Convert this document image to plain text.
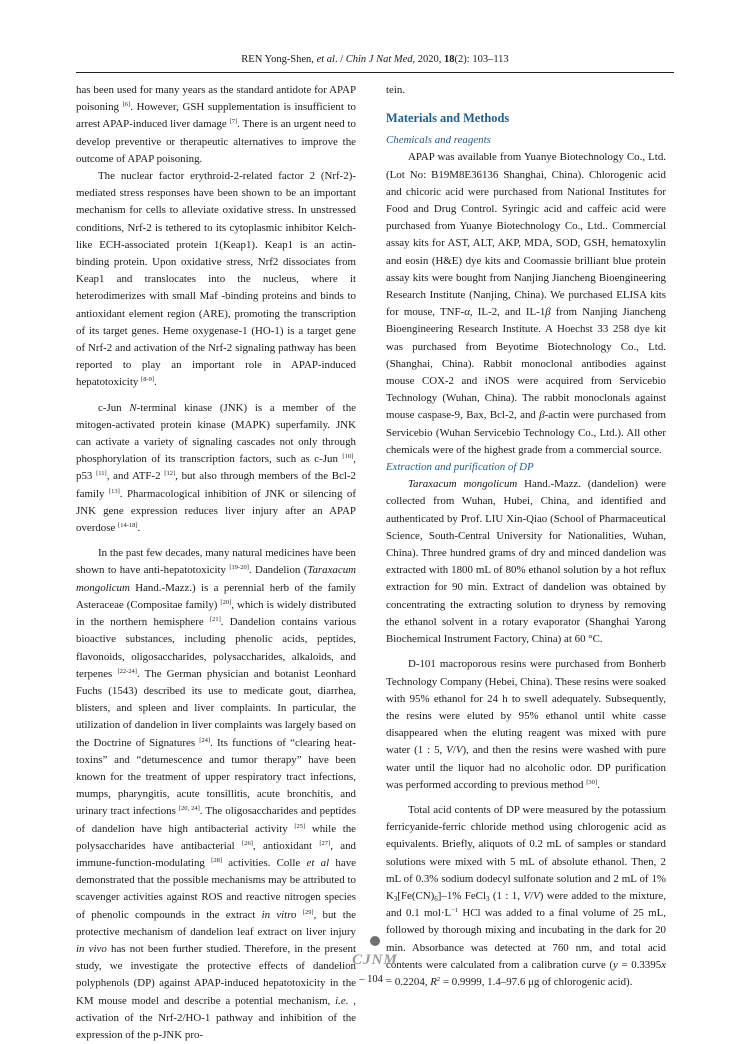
REN Yong-Shen, et al. / Chin J Nat Med, 2020, 18(2): 103–113

has been used for many years as the standard antidote for APAP poisoning [6]. However, GSH supplementation is insufficient to arrest APAP-induced liver damage [7]. There is an urgent need to develop preventive or therapeutic alternatives to improve the outcome of APAP poisoning.

The nuclear factor erythroid-2-related factor 2 (Nrf-2)-mediated stress responses have been shown to be an important mechanism for cells to alleviate oxidative stress. In unstressed conditions, Nrf-2 is tethered to its cytoplasmic inhibitor Kelch-like ECH-associated protein 1(Keap1). Keap1 is an actin-binding protein. Upon oxidative stress, Nrf2 dissociates from Keap1 and translocates into the nucleus, where it heterodimerizes with small Maf -binding proteins and binds to antioxidant element region (ARE), promoting the transcription of its target genes. Heme oxygenase-1 (HO-1) is a target gene of Nrf-2 and activation of the Nrf-2 signaling pathway has been reported to play an important role in APAP-induced hepatotoxicity [8-9].

c-Jun N-terminal kinase (JNK) is a member of the mitogen-activated protein kinase (MAPK) superfamily. JNK can activate a variety of signaling cascades not only through phosphorylation of its transcription factors, such as c-Jun [10], p53 [11], and ATF-2 [12], but also through members of the Bcl-2 family [13]. Pharmacological inhibition of JNK or silencing of JNK gene expression reduces liver injury after an APAP overdose [14-18].

In the past few decades, many natural medicines have been shown to have anti-hepatotoxicity [19-20]. Dandelion (Taraxacum mongolicum Hand.-Mazz.) is a perennial herb of the family Asteraceae (Compositae family) [20], which is widely distributed in the northern hemisphere [21]. Dandelion contains various bioactive substances, including phenolic acids, peptides, flavonoids, oligosaccharides, polysaccharides, alkaloids, and terpenes [22-24]. The German physician and botanist Leonhard Fuchs (1543) described its use to medicate gout, diarrhea, blisters, and spleen and liver complaints. In particular, the utilization of dandelion in liver complaints was largely based on the Doctrine of Signatures [24]. Its functions of “clearing heat-toxins” and “detumescence and tumor therapy” have been known for the treatment of upper respiratory tract infections, mumps, pharyngitis, acute tonsillitis, acute bronchitis, and urinary tract infections [20, 24]. The oligosaccharides and peptides of dandelion have high antibacterial activity [25] while the polysaccharides have antibacterial [26], antioxidant [27], and immune-function-modulating [28] activities. Colle et al have demonstrated that the possible mechanisms may be attributed to scavenger activities against ROS and reactive nitrogen species of phenolic compounds in the extract in vitro [29], but the protective mechanism of dandelion leaf extract on liver injury in vivo has not been further studied. Therefore, in the present study, we investigate the protective effects of dandelion polyphenols (DP) against APAP-induced hepatotoxicity in the KM mouse model and describe a potential mechanism, i.e. , activation of the Nrf-2/HO-1 pathway and inhibition of the expression of the p-JNK pro-

tein.

Materials and Methods
Chemicals and reagents

APAP was available from Yuanye Biotechnology Co., Ltd. (Lot No: B19M8E36136 Shanghai, China). Chlorogenic acid and chicoric acid were purchased from National Institutes for Food and Drug Control. Syringic acid and caffeic acid were purchased from Yuanye Biotechnology Co., Ltd.. Commercial assay kits for AST, ALT, AKP, MDA, SOD, GSH, hematoxylin and eosin (H&E) dye kits and Coomassie brilliant blue protein assay kits were bought from Nanjing Jiancheng Bioengineering Research Institute (Nanjing, China). We purchased ELISA kits for mouse, TNF-α, IL-2, and IL-1β from Nanjing Jiancheng Bioengineering Research Institute. A Hoechst 33 258 dye kit was purchased from Beyotime Biotechnology Co., Ltd. (Shanghai, China). Rabbit monoclonal antibodies against mouse COX-2 and iNOS were acquired from Servicebio Technology (Wuhan, China). The rabbit monoclonals against mouse caspase-9, Bax, Bcl-2, and β-actin were purchased from Servicebio (Wuhan Servicebio Technology Co., Ltd.). All other chemicals were of the highest grade from a commercial source.

Extraction and purification of DP

Taraxacum mongolicum Hand.-Mazz. (dandelion) were collected from Wuhan, Hubei, China, and identified and authenticated by Prof. LIU Xin-Qiao (School of Pharmaceutical Science, South-Central University for Nationalities, Wuhan, China). Three hundred grams of dry and minced dandelion was extracted with 1800 mL of 80% ethanol solution by a hot reflux extraction for 90 min. Extract of dandelion was obtained by concentrating the extracting solution to dryness by removing the ethanol solvent in a rotary evaporator (Shanghai Yarong Biochemical Instrument Factory, China) at 60 °C.

D-101 macroporous resins were purchased from Bonherb Technology Company (Hebei, China). These resins were soaked with 95% ethanol for 24 h to swell adequately. Subsequently, the resins were eluted by 95% ethanol until white casse disappeared when the eluting reagent was mixed with pure water (1 : 5, V/V), and then the resins were washed with pure water until the liquor had no alcoholic odor. DP purification was performed according to previous method [30].

Total acid contents of DP were measured by the potassium ferricyanide-ferric chloride method using chlorogenic acid as equivalents. Briefly, aliquots of 0.2 mL of samples or standard solutions were mixed with 5 mL of absolute ethanol. Then, 2 mL of 0.3% sodium dodecyl sulfonate solution and 2 mL of 1% $K_3[Fe(CN)_6]-1\%$ FeCl$_3$ (1 : 1, V/V) were added to the mixture, and 0.1 $mol\cdot L^{-1}$ HCl was added to a final volume of 25 mL, followed by thorough mixing and incubating in the dark for 20 min. Absorbance was detected at 760 nm, and total acid contents were calculated from a calibration curve (y = 0.3395x − 0.2204, $R^2 = 0.9999$, 1.4–97.6 μg of chlorogenic acid).

CJNM
– 104 –
